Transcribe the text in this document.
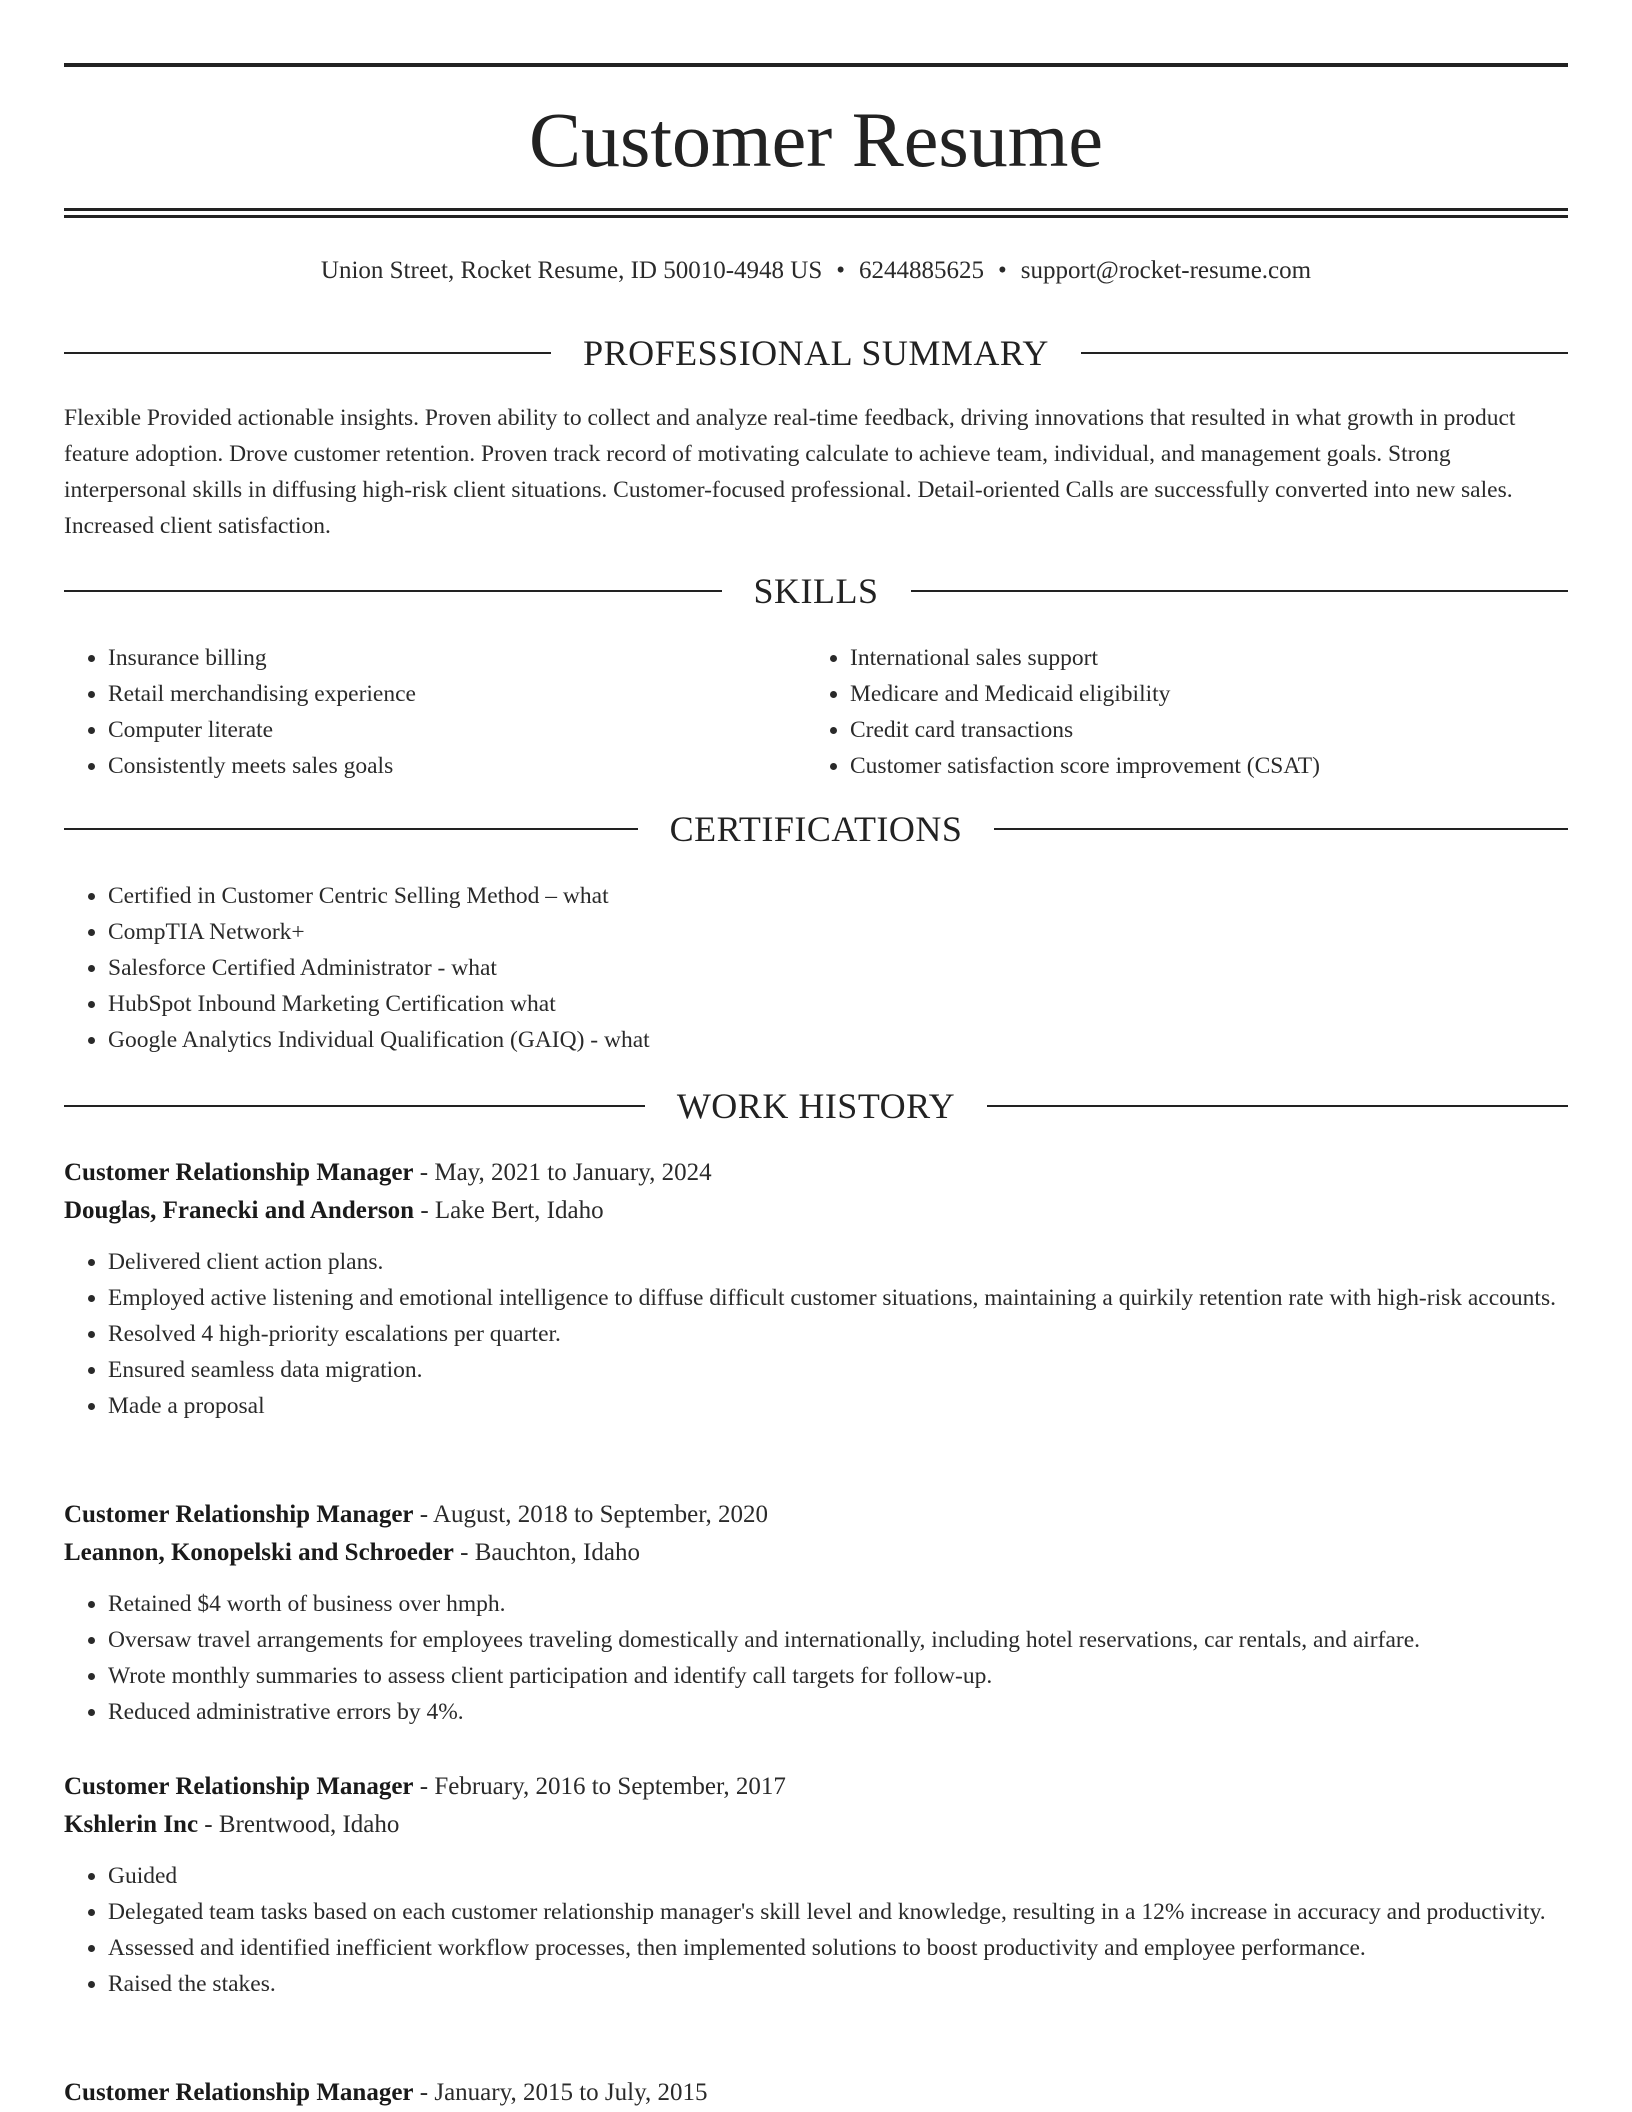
Customer Resume
Union Street, Rocket Resume, ID 50010-4948 US • 6244885625 • support@rocket-resume.com
PROFESSIONAL SUMMARY

Flexible Provided actionable insights. Proven ability to collect and analyze real-time feedback, driving innovations that resulted in what growth in product feature adoption. Drove customer retention. Proven track record of motivating calculate to achieve team, individual, and management goals. Strong interpersonal skills in diffusing high-risk client situations. Customer-focused professional. Detail-oriented Calls are successfully converted into new sales. Increased client satisfaction.

SKILLS
• Insurance billing
• Retail merchandising experience
• Computer literate
• Consistently meets sales goals
• International sales support
• Medicare and Medicaid eligibility
• Credit card transactions
• Customer satisfaction score improvement (CSAT)
CERTIFICATIONS
• Certified in Customer Centric Selling Method – what
• CompTIA Network+
• Salesforce Certified Administrator - what
• HubSpot Inbound Marketing Certification what
• Google Analytics Individual Qualification (GAIQ) - what
WORK HISTORY
Customer Relationship Manager - May, 2021 to January, 2024
Douglas, Franecki and Anderson - Lake Bert, Idaho
• Delivered client action plans.
• Employed active listening and emotional intelligence to diffuse difficult customer situations, maintaining a quirkily retention rate with high-risk accounts.
• Resolved 4 high-priority escalations per quarter.
• Ensured seamless data migration.
• Made a proposal
Customer Relationship Manager - August, 2018 to September, 2020
Leannon, Konopelski and Schroeder - Bauchton, Idaho
• Retained $4 worth of business over hmph.
• Oversaw travel arrangements for employees traveling domestically and internationally, including hotel reservations, car rentals, and airfare.
• Wrote monthly summaries to assess client participation and identify call targets for follow-up.
• Reduced administrative errors by 4%.
Customer Relationship Manager - February, 2016 to September, 2017
Kshlerin Inc - Brentwood, Idaho
• Guided
• Delegated team tasks based on each customer relationship manager's skill level and knowledge, resulting in a 12% increase in accuracy and productivity.
• Assessed and identified inefficient workflow processes, then implemented solutions to boost productivity and employee performance.
• Raised the stakes.
Customer Relationship Manager - January, 2015 to July, 2015
